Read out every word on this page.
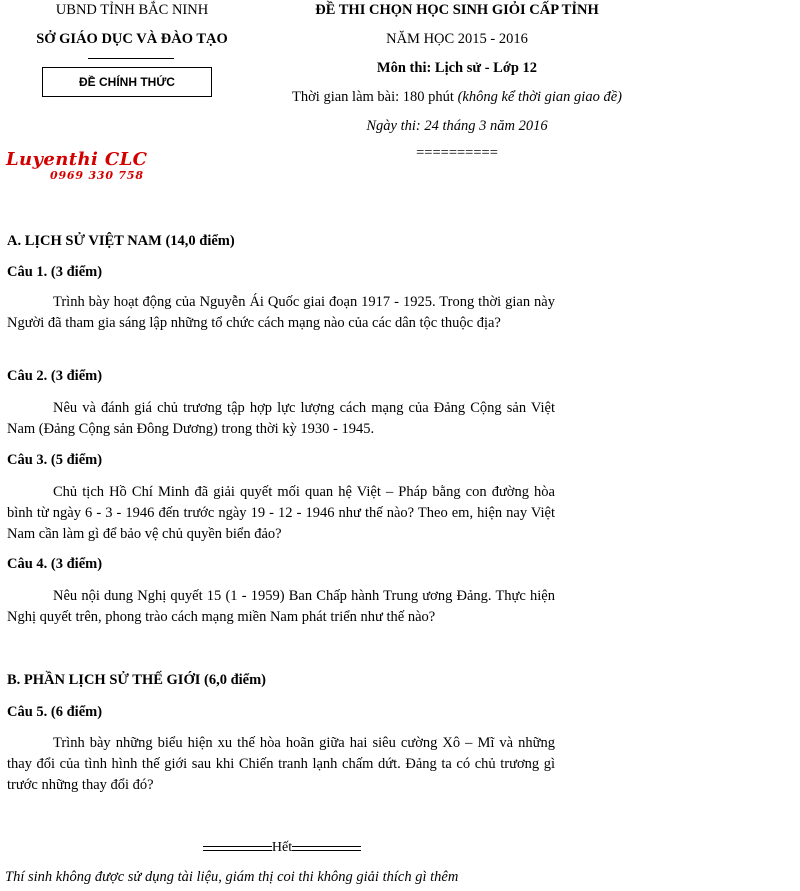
UBND TỈNH BẮC NINH
SỞ GIÁO DỤC VÀ ĐÀO TẠO
ĐỀ CHÍNH THỨC
ĐỀ THI CHỌN HỌC SINH GIỎI CẤP TỈNH
NĂM HỌC 2015 - 2016
Môn thi: Lịch sử - Lớp 12
Thời gian làm bài: 180 phút (không kể thời gian giao đề)
Ngày thi: 24 tháng 3 năm 2016
==========
Luyenthi CLC
0969 330 758
A. LỊCH SỬ VIỆT NAM (14,0 điểm)
Câu 1. (3 điểm)
Trình bày hoạt động của Nguyễn Ái Quốc giai đoạn 1917 - 1925. Trong thời gian này Người đã tham gia sáng lập những tổ chức cách mạng nào của các dân tộc thuộc địa?
Câu 2. (3 điểm)
Nêu và đánh giá chủ trương tập hợp lực lượng cách mạng của Đảng Cộng sản Việt Nam (Đảng Cộng sản Đông Dương) trong thời kỳ 1930 - 1945.
Câu 3. (5 điểm)
Chủ tịch Hồ Chí Minh đã giải quyết mối quan hệ Việt – Pháp bằng con đường hòa bình từ ngày 6 - 3 - 1946 đến trước ngày 19 - 12 - 1946 như thế nào? Theo em, hiện nay Việt Nam cần làm gì để bảo vệ chủ quyền biển đảo?
Câu 4. (3 điểm)
Nêu nội dung Nghị quyết 15 (1 - 1959) Ban Chấp hành Trung ương Đảng. Thực hiện Nghị quyết trên, phong trào cách mạng miền Nam phát triển như thế nào?
B. PHẦN LỊCH SỬ THẾ GIỚI (6,0 điểm)
Câu 5. (6 điểm)
Trình bày những biểu hiện xu thế hòa hoãn giữa hai siêu cường Xô – Mĩ và những thay đổi của tình hình thế giới sau khi Chiến tranh lạnh chấm dứt. Đảng ta có chủ trương gì trước những thay đổi đó?
Hết
Thí sinh không được sử dụng tài liệu, giám thị coi thi không giải thích gì thêm
